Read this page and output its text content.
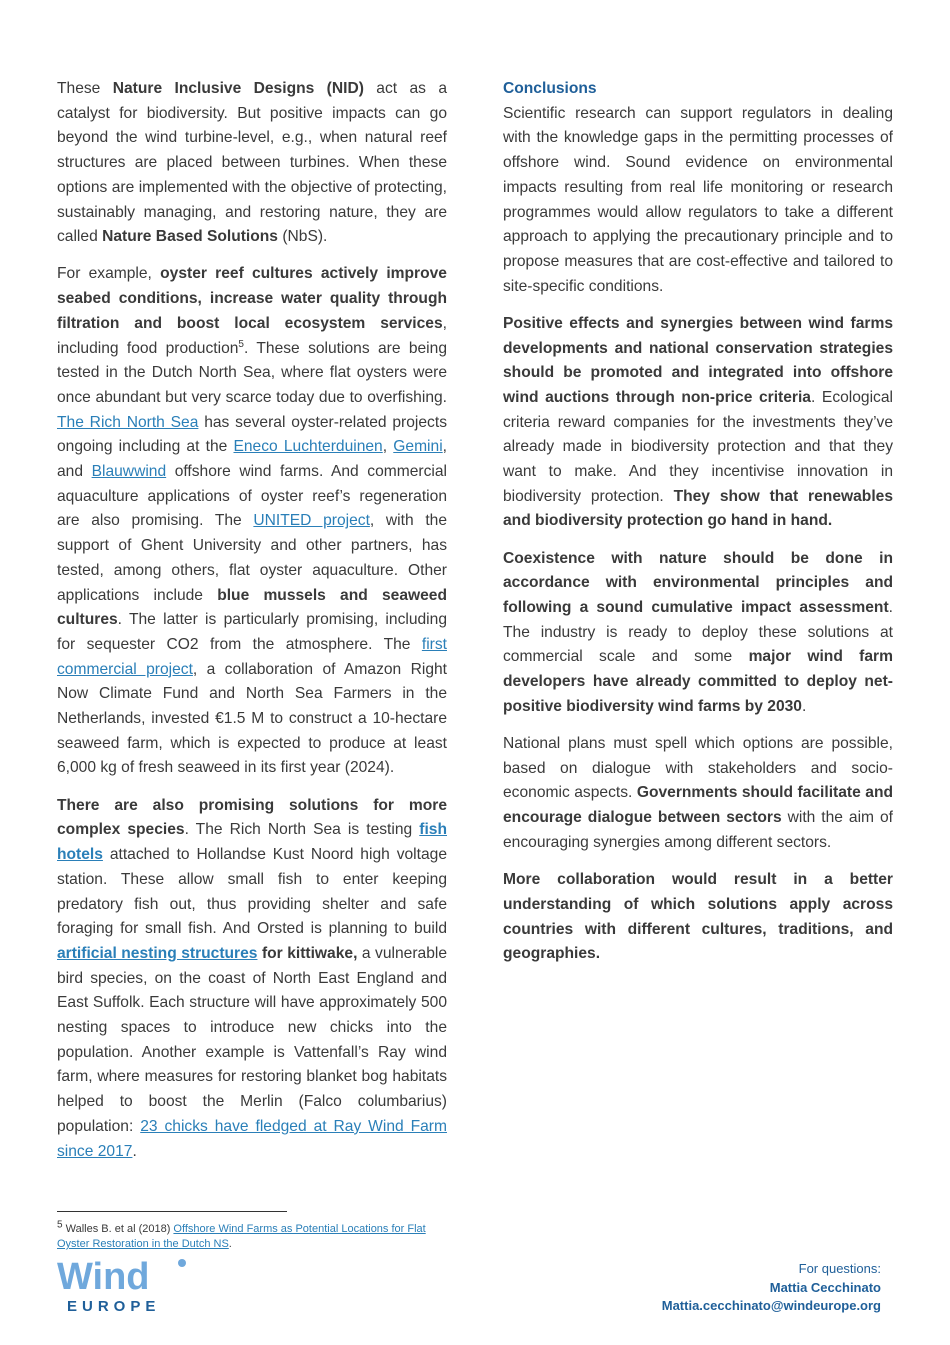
These Nature Inclusive Designs (NID) act as a catalyst for biodiversity. But positive impacts can go beyond the wind turbine-level, e.g., when natural reef structures are placed between turbines. When these options are implemented with the objective of protecting, sustainably managing, and restoring nature, they are called Nature Based Solutions (NbS).

For example, oyster reef cultures actively improve seabed conditions, increase water quality through filtration and boost local ecosystem services, including food production$^5$. These solutions are being tested in the Dutch North Sea, where flat oysters were once abundant but very scarce today due to overfishing. The Rich North Sea has several oyster-related projects ongoing including at the Eneco Luchterduinen, Gemini, and Blauwwind offshore wind farms. And commercial aquaculture applications of oyster reef’s regeneration are also promising. The UNITED project, with the support of Ghent University and other partners, has tested, among others, flat oyster aquaculture. Other applications include blue mussels and seaweed cultures. The latter is particularly promising, including for sequester CO2 from the atmosphere. The first commercial project, a collaboration of Amazon Right Now Climate Fund and North Sea Farmers in the Netherlands, invested €1.5 M to construct a 10-hectare seaweed farm, which is expected to produce at least 6,000 kg of fresh seaweed in its first year (2024).

There are also promising solutions for more complex species. The Rich North Sea is testing fish hotels attached to Hollandse Kust Noord high voltage station. These allow small fish to enter keeping predatory fish out, thus providing shelter and safe foraging for small fish. And Orsted is planning to build artificial nesting structures for kittiwake, a vulnerable bird species, on the coast of North East England and East Suffolk. Each structure will have approximately 500 nesting spaces to introduce new chicks into the population. Another example is Vattenfall’s Ray wind farm, where measures for restoring blanket bog habitats helped to boost the Merlin (Falco columbarius) population: 23 chicks have fledged at Ray Wind Farm since 2017.

Conclusions

Scientific research can support regulators in dealing with the knowledge gaps in the permitting processes of offshore wind. Sound evidence on environmental impacts resulting from real life monitoring or research programmes would allow regulators to take a different approach to applying the precautionary principle and to propose measures that are cost-effective and tailored to site-specific conditions.

Positive effects and synergies between wind farms developments and national conservation strategies should be promoted and integrated into offshore wind auctions through non-price criteria. Ecological criteria reward companies for the investments they’ve already made in biodiversity protection and that they want to make. And they incentivise innovation in biodiversity protection. They show that renewables and biodiversity protection go hand in hand.

Coexistence with nature should be done in accordance with environmental principles and following a sound cumulative impact assessment. The industry is ready to deploy these solutions at commercial scale and some major wind farm developers have already committed to deploy net-positive biodiversity wind farms by 2030.

National plans must spell which options are possible, based on dialogue with stakeholders and socio-economic aspects. Governments should facilitate and encourage dialogue between sectors with the aim of encouraging synergies among different sectors.

More collaboration would result in a better understanding of which solutions apply across countries with different cultures, traditions, and geographies.

$^5$ Walles B. et al (2018) Offshore Wind Farms as Potential Locations for Flat Oyster Restoration in the Dutch NS.
Wind
EUROPE
For questions:
Mattia Cecchinato
Mattia.cecchinato@windeurope.org
